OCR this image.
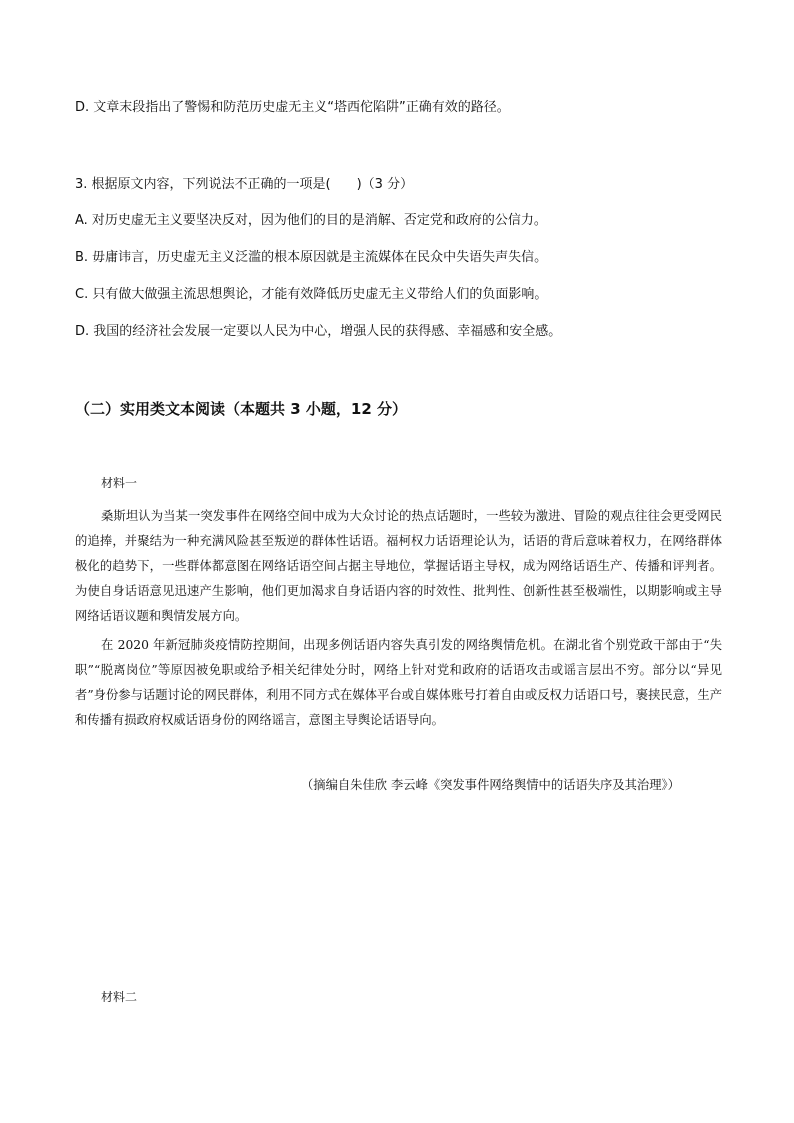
D. 文章末段指出了警惕和防范历史虚无主义“塔西佗陷阱”正确有效的路径。
3. 根据原文内容，下列说法不正确的一项是(　　)（3 分）
A. 对历史虚无主义要坚决反对，因为他们的目的是消解、否定党和政府的公信力。
B. 毋庸讳言，历史虚无主义泛滥的根本原因就是主流媒体在民众中失语失声失信。
C. 只有做大做强主流思想舆论，才能有效降低历史虚无主义带给人们的负面影响。
D. 我国的经济社会发展一定要以人民为中心，增强人民的获得感、幸福感和安全感。
（二）实用类文本阅读（本题共 3 小题，12 分）
材料一

桑斯坦认为当某一突发事件在网络空间中成为大众讨论的热点话题时，一些较为激进、冒险的观点往往会更受网民的追捧，并聚结为一种充满风险甚至叛逆的群体性话语。福柯权力话语理论认为，话语的背后意味着权力，在网络群体极化的趋势下，一些群体都意图在网络话语空间占据主导地位，掌握话语主导权，成为网络话语生产、传播和评判者。为使自身话语意见迅速产生影响，他们更加渴求自身话语内容的时效性、批判性、创新性甚至极端性，以期影响或主导网络话语议题和舆情发展方向。

在 2020 年新冠肺炎疫情防控期间，出现多例话语内容失真引发的网络舆情危机。在湖北省个别党政干部由于“失职”“脱离岗位”等原因被免职或给予相关纪律处分时，网络上针对党和政府的话语攻击或谣言层出不穷。部分以“异见者”身份参与话题讨论的网民群体，利用不同方式在媒体平台或自媒体账号打着自由或反权力话语口号，裹挟民意，生产和传播有损政府权威话语身份的网络谣言，意图主导舆论话语导向。

（摘编自朱佳欣 李云峰《突发事件网络舆情中的话语失序及其治理》）

材料二
